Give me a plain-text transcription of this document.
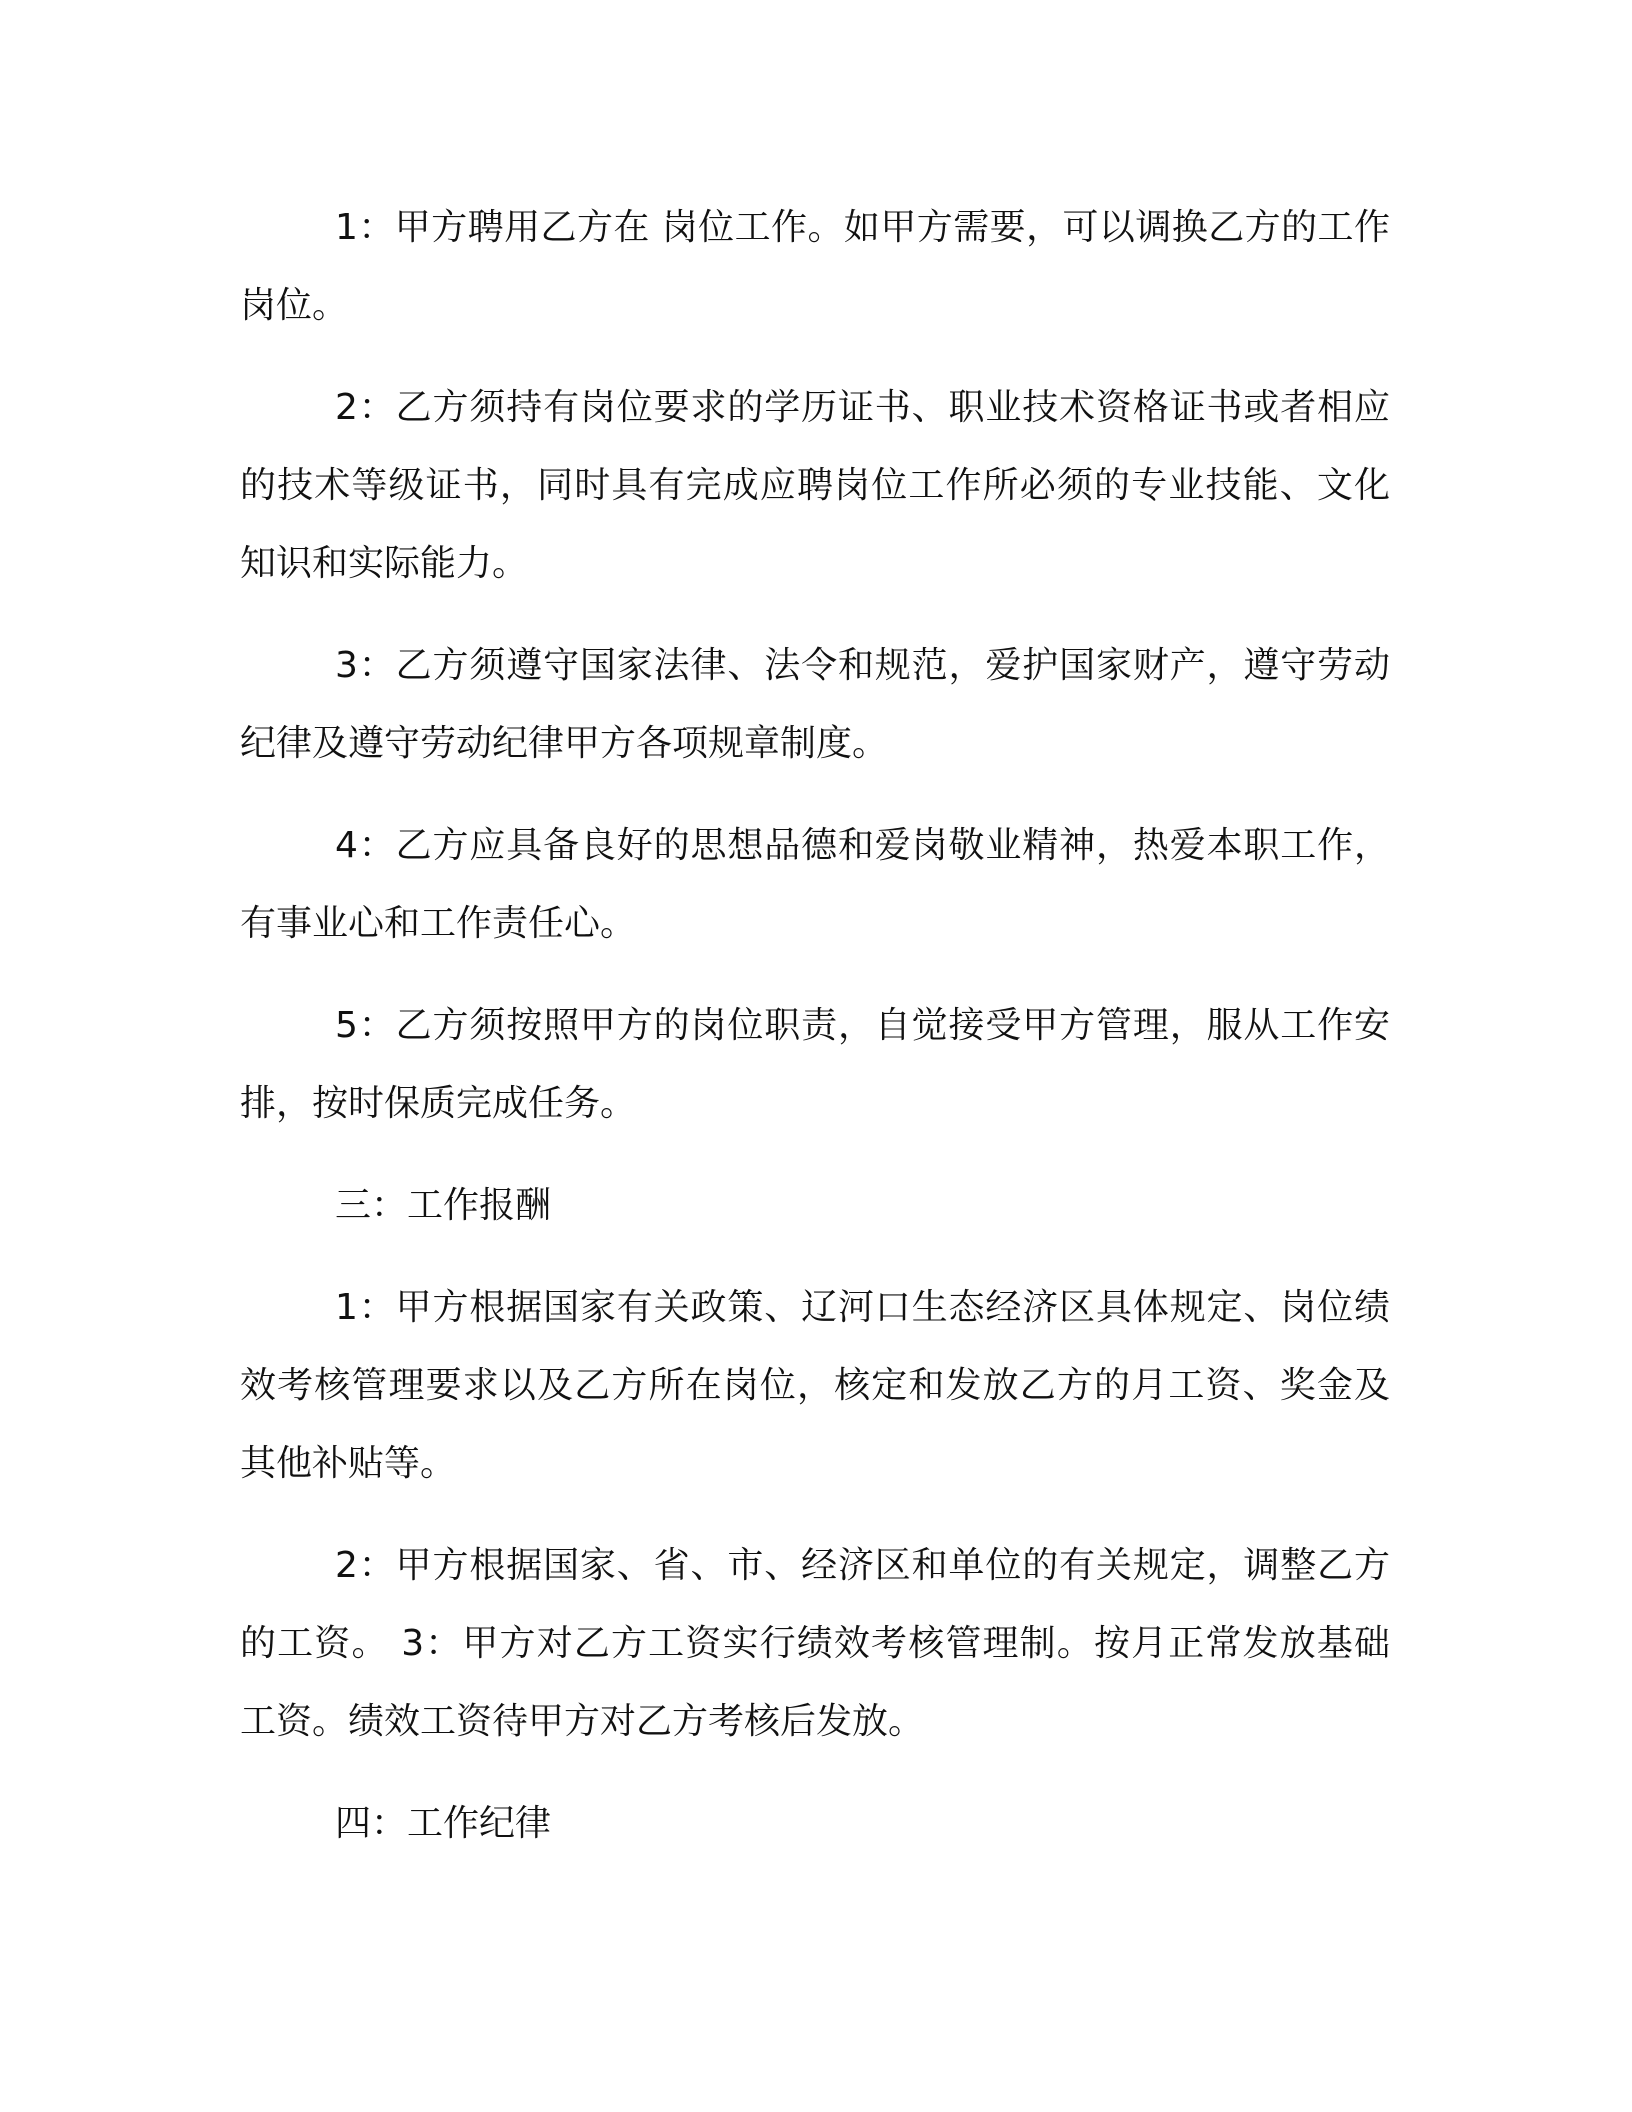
1：甲方聘用乙方在 岗位工作。如甲方需要，可以调换乙方的工作岗位。

2：乙方须持有岗位要求的学历证书、职业技术资格证书或者相应的技术等级证书，同时具有完成应聘岗位工作所必须的专业技能、文化知识和实际能力。

3：乙方须遵守国家法律、法令和规范，爱护国家财产，遵守劳动纪律及遵守劳动纪律甲方各项规章制度。

4：乙方应具备良好的思想品德和爱岗敬业精神，热爱本职工作，有事业心和工作责任心。

5：乙方须按照甲方的岗位职责，自觉接受甲方管理，服从工作安排，按时保质完成任务。

三：工作报酬

1：甲方根据国家有关政策、辽河口生态经济区具体规定、岗位绩效考核管理要求以及乙方所在岗位，核定和发放乙方的月工资、奖金及其他补贴等。

2：甲方根据国家、省、市、经济区和单位的有关规定，调整乙方的工资。 3：甲方对乙方工资实行绩效考核管理制。按月正常发放基础工资。绩效工资待甲方对乙方考核后发放。

四：工作纪律
